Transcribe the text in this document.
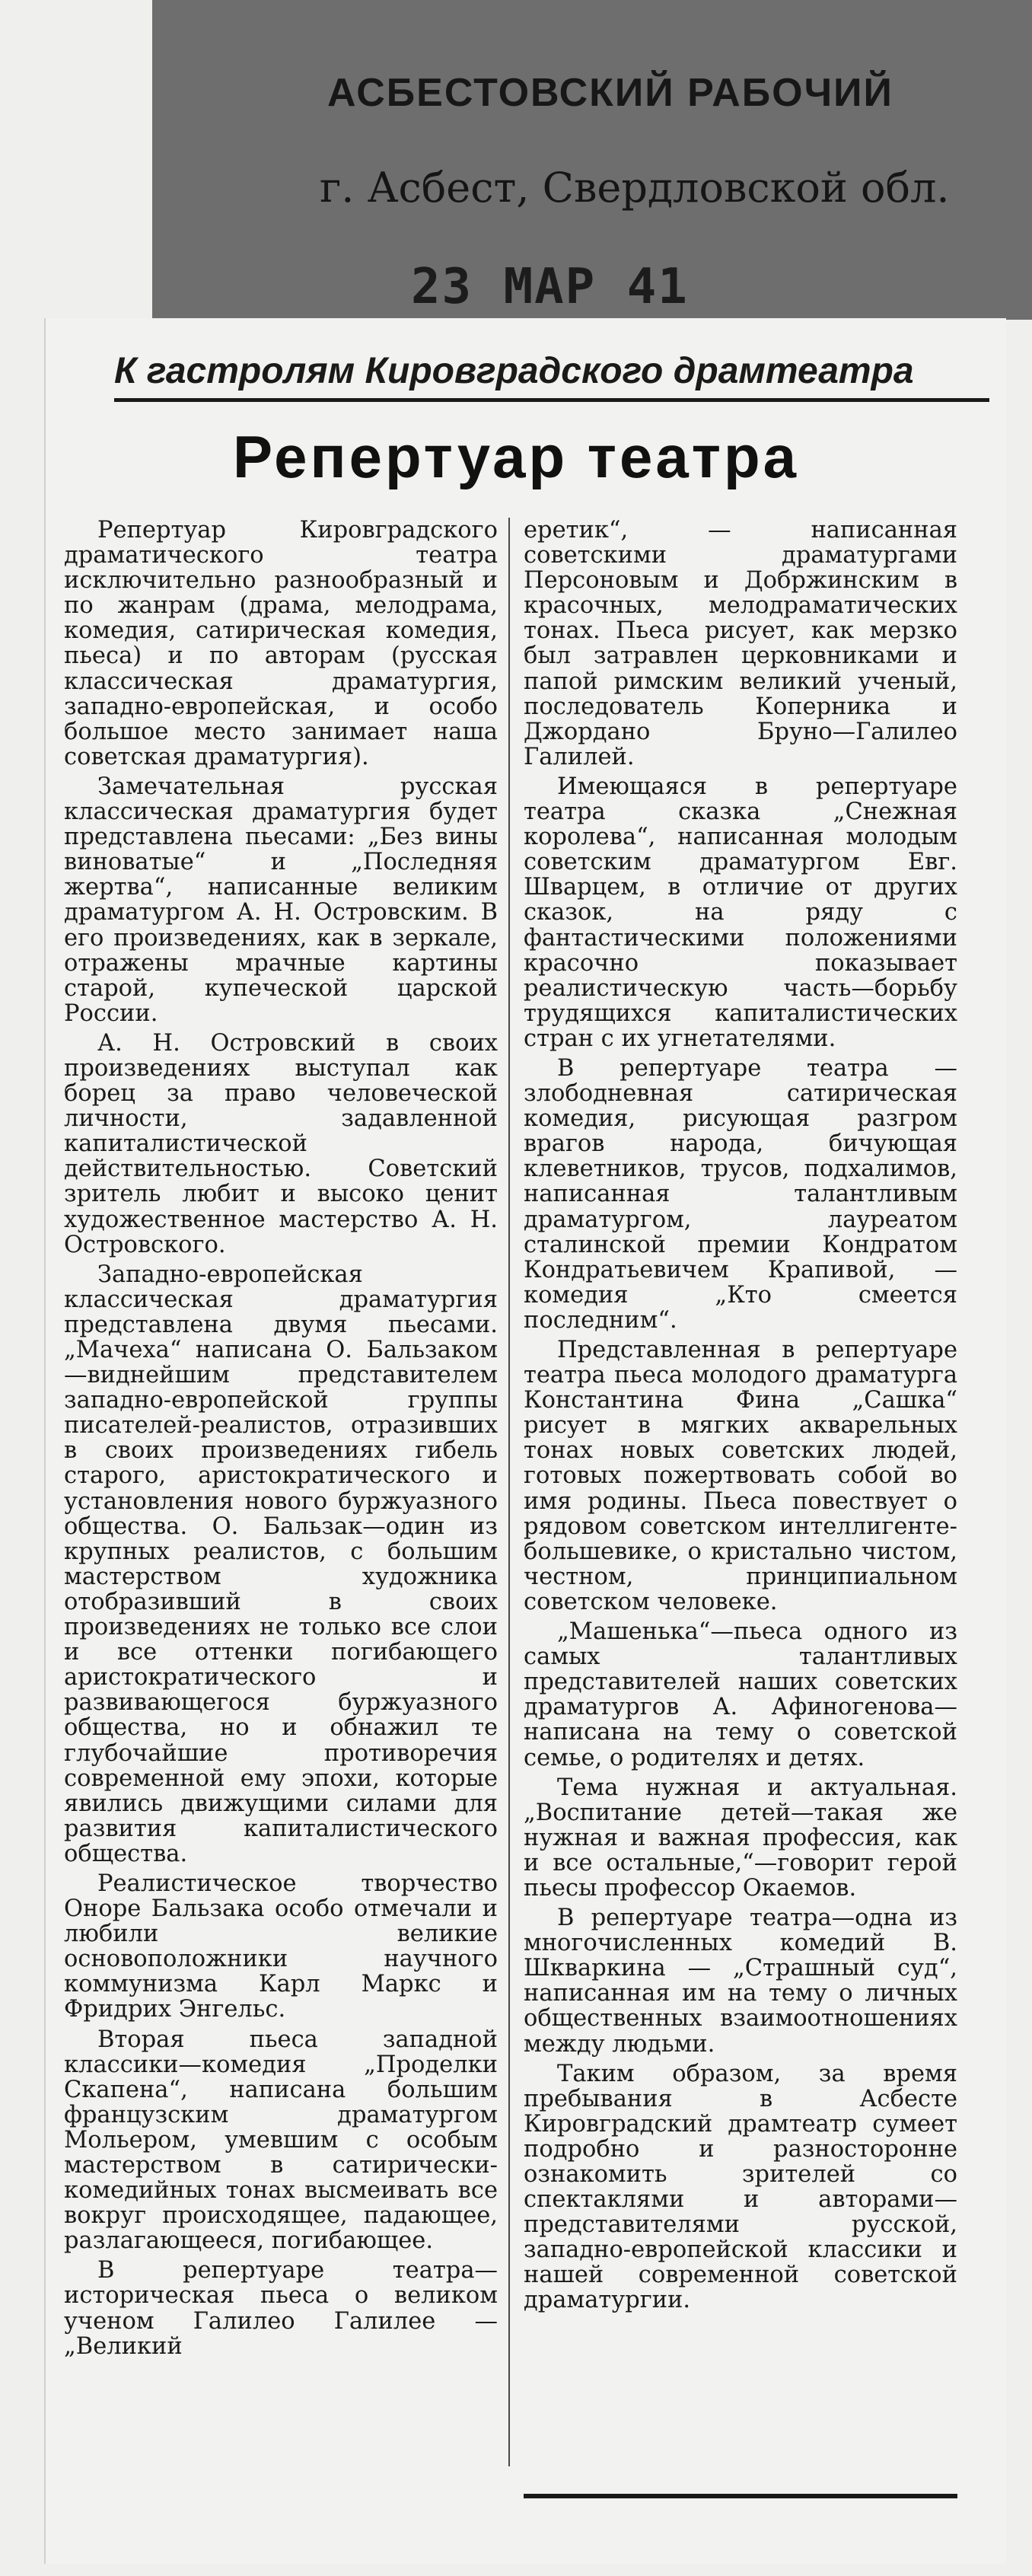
АСБЕСТОВСКИЙ РАБОЧИЙ
г. Асбест, Свердловской обл.
23 МАР 41
К гастролям Кировградского драмтеатра
Репертуар театра

Репертуар Кировградского драматического театра исключительно разнообразный и по жанрам (драма, мелодрама, комедия, сатирическая комедия, пьеса) и по авторам (русская классическая драматургия, западно-европейская, и особо большое место занимает наша советская драматургия).

Замечательная русская классическая драматургия будет представлена пьесами: „Без вины виноватые“ и „Последняя жертва“, написанные великим драматургом А. Н. Островским. В его произведениях, как в зеркале, отражены мрачные картины старой, купеческой царской России.

А. Н. Островский в своих произведениях выступал как борец за право человеческой личности, задавленной капиталистической действительностью. Советский зритель любит и высоко ценит художественное мастерство А. Н. Островского.

Западно-европейская классическая драматургия представлена двумя пьесами. „Мачеха“ написана О. Бальзаком—виднейшим представителем западно-европейской группы писателей-реалистов, отразивших в своих произведениях гибель старого, аристократического и установления нового буржуазного общества. О. Бальзак—один из крупных реалистов, с большим мастерством художника отобразивший в своих произведениях не только все слои и все оттенки погибающего аристократического и развивающегося буржуазного общества, но и обнажил те глубочайшие противоречия современной ему эпохи, которые явились движущими силами для развития капиталистического общества.

Реалистическое творчество Оноре Бальзака особо отмечали и любили великие основоположники научного коммунизма Карл Маркс и Фридрих Энгельс.

Вторая пьеса западной классики—комедия „Проделки Скапена“, написана большим французским драматургом Мольером, умевшим с особым мастерством в сатирически-комедийных тонах высмеивать все вокруг происходящее, падающее, разлагающееся, погибающее.

В репертуаре театра—историческая пьеса о великом ученом Галилео Галилее — „Великий

еретик“, — написанная советскими драматургами Персоновым и Добржинским в красочных, мелодраматических тонах. Пьеса рисует, как мерзко был затравлен церковниками и папой римским великий ученый, последователь Коперника и Джордано Бруно—Галилео Галилей.

Имеющаяся в репертуаре театра сказка „Снежная королева“, написанная молодым советским драматургом Евг. Шварцем, в отличие от других сказок, на ряду с фантастическими положениями красочно показывает реалистическую часть—борьбу трудящихся капиталистических стран с их угнетателями.

В репертуаре театра — злободневная сатирическая комедия, рисующая разгром врагов народа, бичующая клеветников, трусов, подхалимов, написанная талантливым драматургом, лауреатом сталинской премии Кондратом Кондратьевичем Крапивой, — комедия „Кто смеется последним“.

Представленная в репертуаре театра пьеса молодого драматурга Константина Фина „Сашка“ рисует в мягких акварельных тонах новых советских людей, готовых пожертвовать собой во имя родины. Пьеса повествует о рядовом советском интеллигенте-большевике, о кристально чистом, честном, принципиальном советском человеке.

„Машенька“—пьеса одного из самых талантливых представителей наших советских драматургов А. Афиногенова—написана на тему о советской семье, о родителях и детях.

Тема нужная и актуальная. „Воспитание детей—такая же нужная и важная профессия, как и все остальные,“—говорит герой пьесы профессор Окаемов.

В репертуаре театра—одна из многочисленных комедий В. Шкваркина — „Страшный суд“, написанная им на тему о личных общественных взаимоотношениях между людьми.

Таким образом, за время пребывания в Асбесте Кировградский драмтеатр сумеет подробно и разносторонне ознакомить зрителей со спектаклями и авторами—представителями русской, западно-европейской классики и нашей современной советской драматургии.
